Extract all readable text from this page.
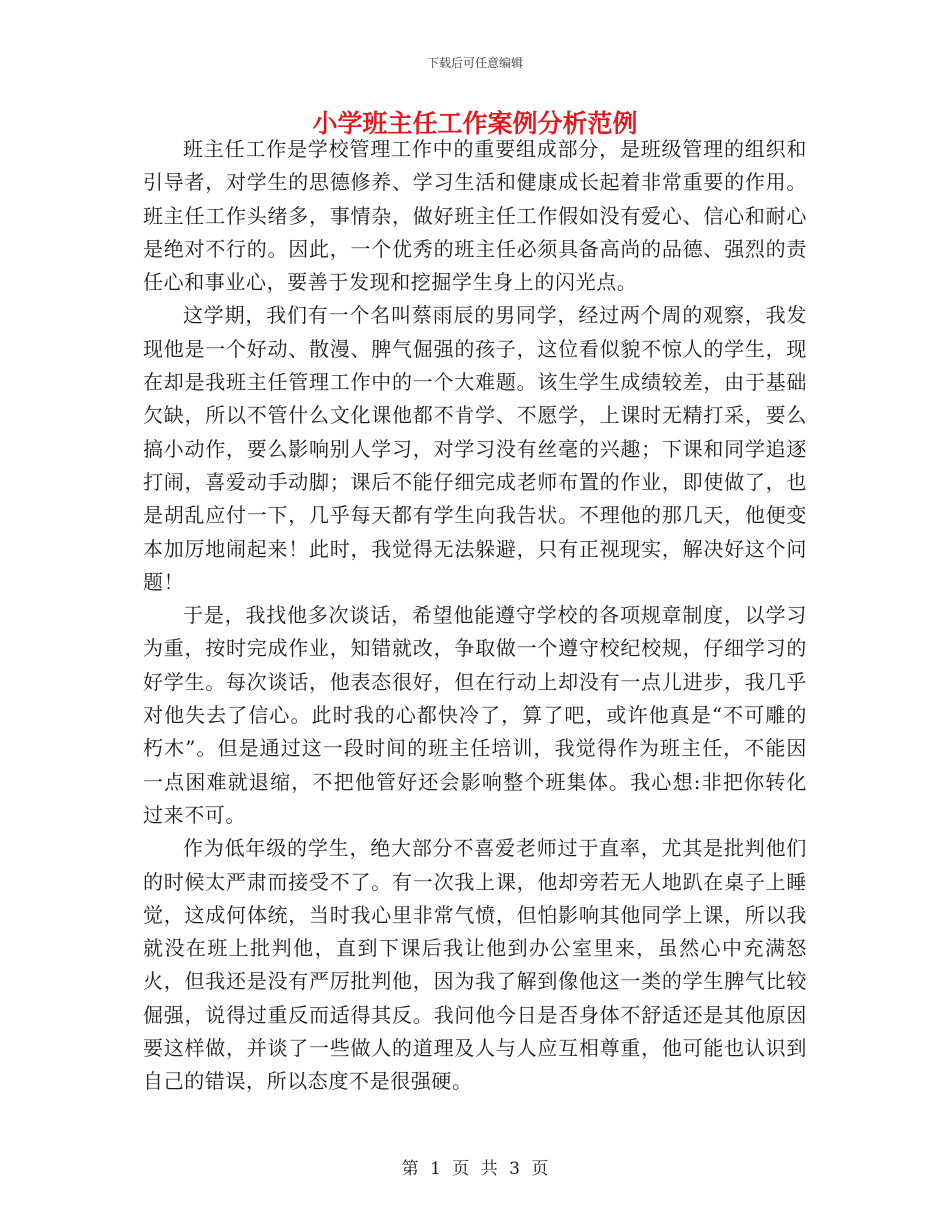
下载后可任意编辑
小学班主任工作案例分析范例

班主任工作是学校管理工作中的重要组成部分，是班级管理的组织和引导者，对学生的思德修养、学习生活和健康成长起着非常重要的作用。班主任工作头绪多，事情杂，做好班主任工作假如没有爱心、信心和耐心是绝对不行的。因此，一个优秀的班主任必须具备高尚的品德、强烈的责任心和事业心，要善于发现和挖掘学生身上的闪光点。

这学期，我们有一个名叫蔡雨辰的男同学，经过两个周的观察，我发现他是一个好动、散漫、脾气倔强的孩子，这位看似貌不惊人的学生，现在却是我班主任管理工作中的一个大难题。该生学生成绩较差，由于基础欠缺，所以不管什么文化课他都不肯学、不愿学，上课时无精打采，要么搞小动作，要么影响别人学习，对学习没有丝毫的兴趣；下课和同学追逐打闹，喜爱动手动脚；课后不能仔细完成老师布置的作业，即使做了，也是胡乱应付一下，几乎每天都有学生向我告状。不理他的那几天，他便变本加厉地闹起来！此时，我觉得无法躲避，只有正视现实，解决好这个问题！

于是，我找他多次谈话，希望他能遵守学校的各项规章制度，以学习为重，按时完成作业，知错就改，争取做一个遵守校纪校规，仔细学习的好学生。每次谈话，他表态很好，但在行动上却没有一点儿进步，我几乎对他失去了信心。此时我的心都快冷了，算了吧，或许他真是“不可雕的朽木”。但是通过这一段时间的班主任培训，我觉得作为班主任，不能因一点困难就退缩，不把他管好还会影响整个班集体。我心想:非把你转化过来不可。

作为低年级的学生，绝大部分不喜爱老师过于直率，尤其是批判他们的时候太严肃而接受不了。有一次我上课，他却旁若无人地趴在桌子上睡觉，这成何体统，当时我心里非常气愤，但怕影响其他同学上课，所以我就没在班上批判他，直到下课后我让他到办公室里来，虽然心中充满怒火，但我还是没有严厉批判他，因为我了解到像他这一类的学生脾气比较倔强，说得过重反而适得其反。我问他今日是否身体不舒适还是其他原因要这样做，并谈了一些做人的道理及人与人应互相尊重，他可能也认识到自己的错误，所以态度不是很强硬。

第 1 页 共 3 页
